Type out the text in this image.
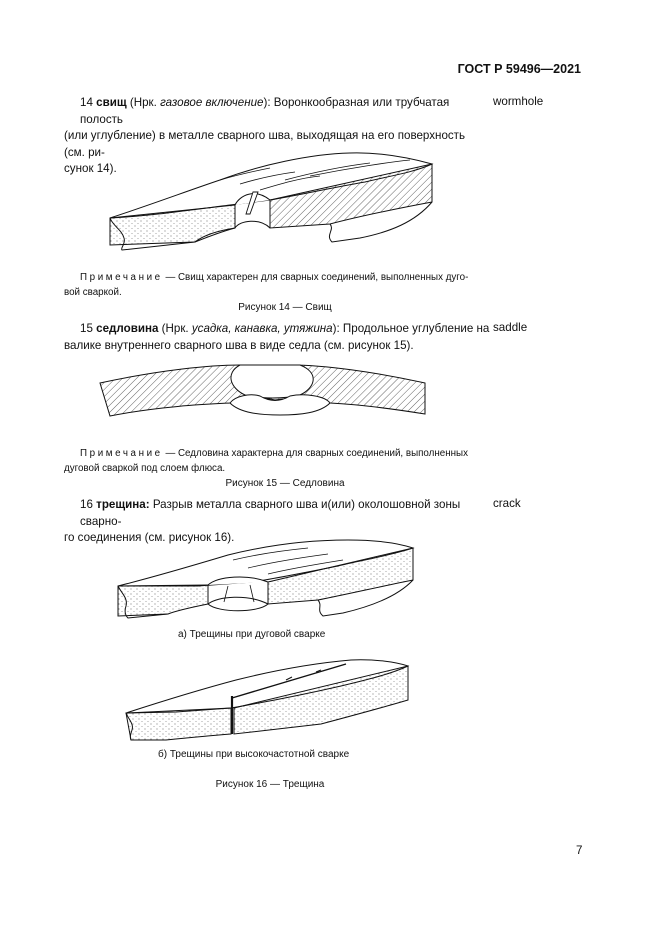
ГОСТ Р 59496—2021
14 свищ (Нрк. газовое включение): Воронкообразная или трубчатая полость
(или углубление) в металле сварного шва, выходящая на его поверхность (см. ри-
сунок 14).
wormhole
Примечание — Свищ характерен для сварных соединений, выполненных дуго-
вой сваркой.
Рисунок 14 — Свищ
15 седловина (Нрк. усадка, канавка, утяжина): Продольное углубление на
валике внутреннего сварного шва в виде седла (см. рисунок 15).
saddle
Примечание — Седловина характерна для сварных соединений, выполненных
дуговой сваркой под слоем флюса.
Рисунок 15 — Седловина
16 трещина: Разрыв металла сварного шва и(или) околошовной зоны сварно-
го соединения (см. рисунок 16).
crack
а) Трещины при дуговой сварке
б) Трещины при высокочастотной сварке
Рисунок 16 — Трещина
7
